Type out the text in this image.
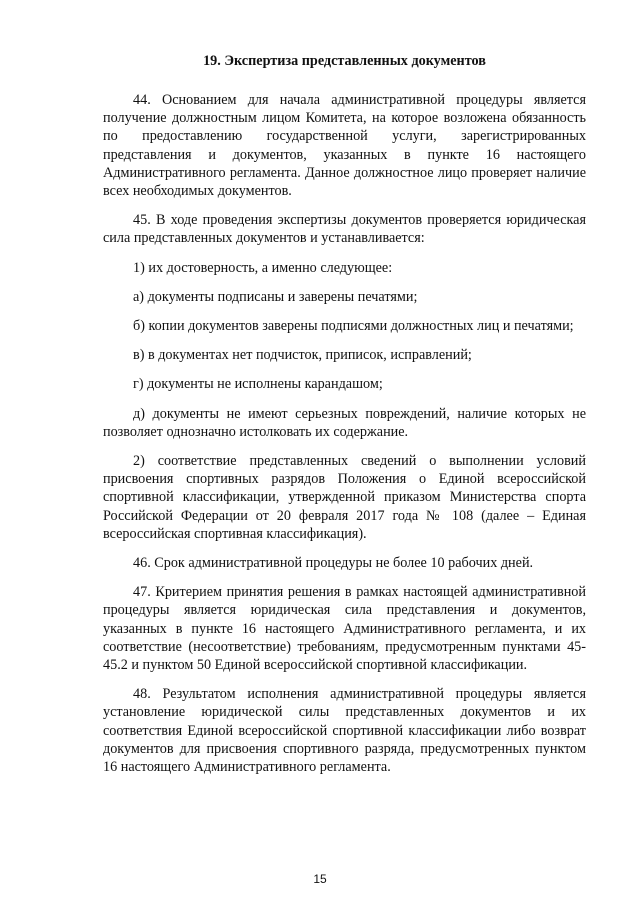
19. Экспертиза представленных документов

44. Основанием для начала административной процедуры является получение должностным лицом Комитета, на которое возложена обязанность по предоставлению государственной услуги, зарегистрированных представления и документов, указанных в пункте 16 настоящего Административного регламента. Данное должностное лицо проверяет наличие всех необходимых документов.

45. В ходе проведения экспертизы документов проверяется юридическая сила представленных документов и устанавливается:

1) их достоверность, а именно следующее:

а) документы подписаны и заверены печатями;

б) копии документов заверены подписями должностных лиц и печатями;

в) в документах нет подчисток, приписок, исправлений;

г) документы не исполнены карандашом;

д) документы не имеют серьезных повреждений, наличие которых не позволяет однозначно истолковать их содержание.

2) соответствие представленных сведений о выполнении условий присвоения спортивных разрядов Положения о Единой всероссийской спортивной классификации, утвержденной приказом Министерства спорта Российской Федерации от 20 февраля 2017 года № 108 (далее – Единая всероссийская спортивная классификация).

46. Срок административной процедуры не более 10 рабочих дней.

47. Критерием принятия решения в рамках настоящей административной процедуры является юридическая сила представления и документов, указанных в пункте 16 настоящего Административного регламента, и их соответствие (несоответствие) требованиям, предусмотренным пунктами 45-45.2 и пунктом 50 Единой всероссийской спортивной классификации.

48. Результатом исполнения административной процедуры является установление юридической силы представленных документов и их соответствия Единой всероссийской спортивной классификации либо возврат документов для присвоения спортивного разряда, предусмотренных пунктом 16 настоящего Административного регламента.

15
